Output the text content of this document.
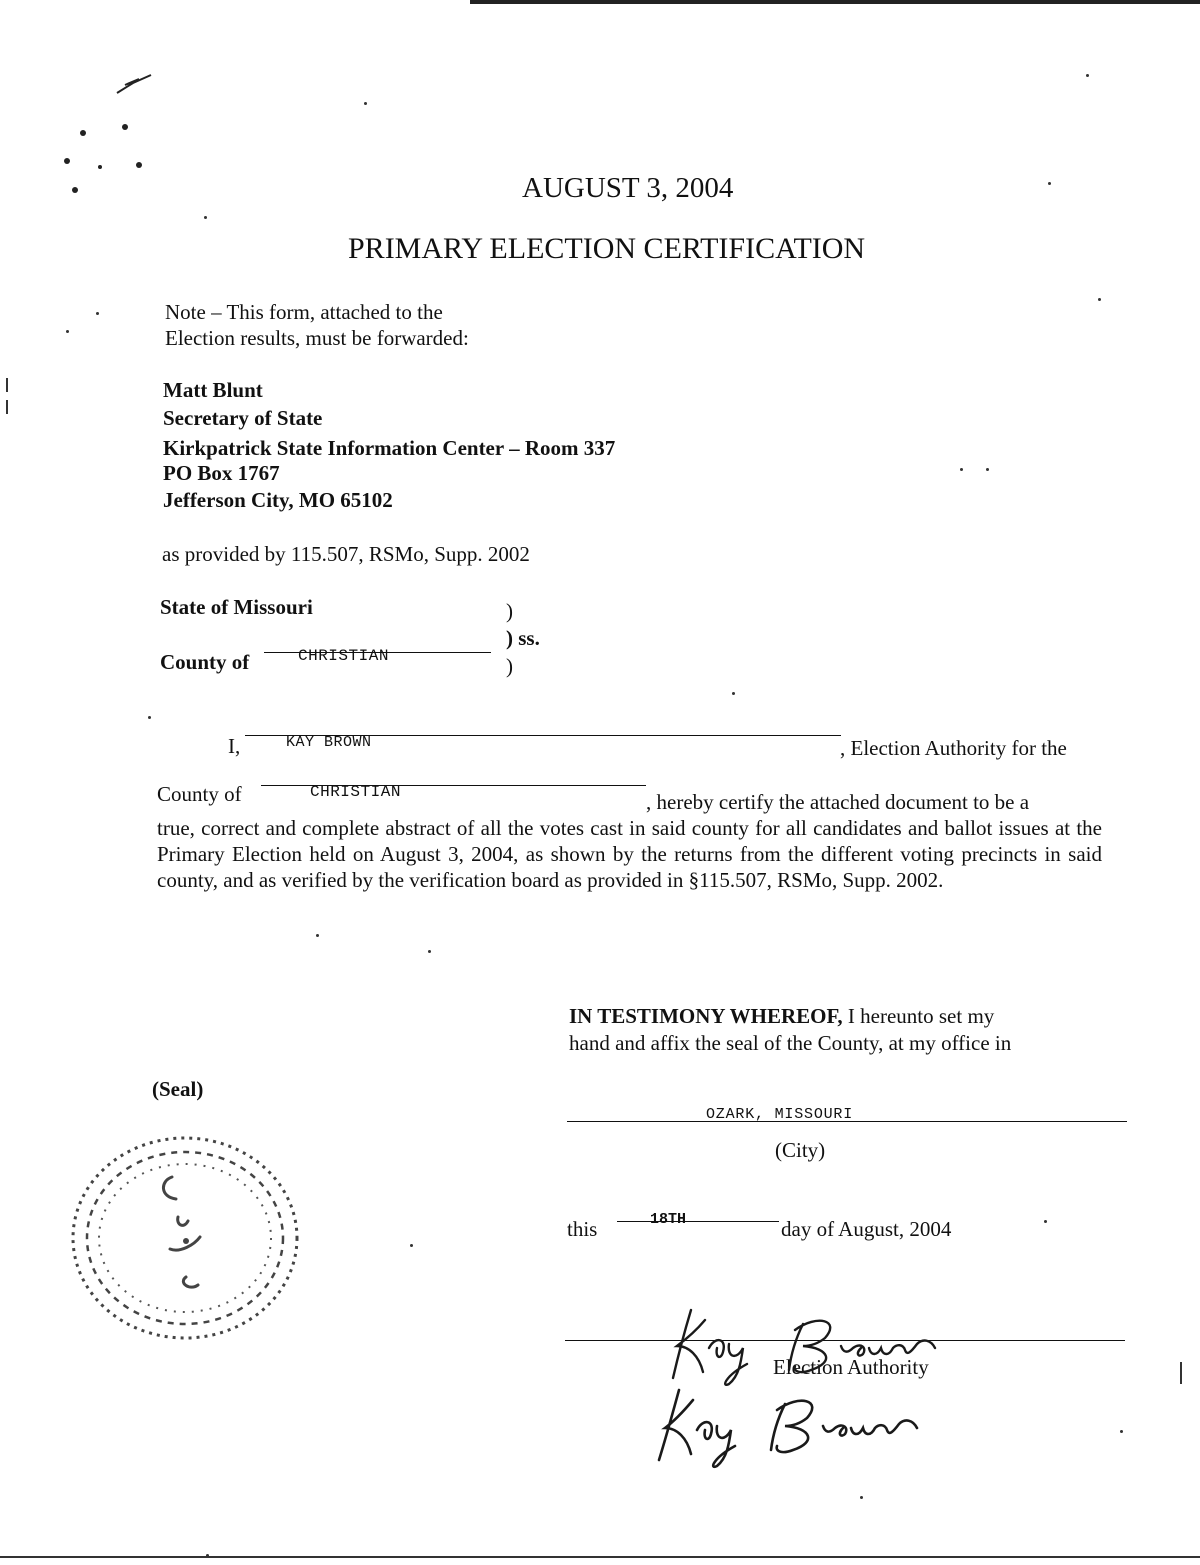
AUGUST 3, 2004
PRIMARY ELECTION CERTIFICATION
Note – This form, attached to the
Election results, must be forwarded:
Matt Blunt
Secretary of State
Kirkpatrick State Information Center – Room 337
PO Box 1767
Jefferson City, MO 65102
as provided by 115.507, RSMo, Supp. 2002
State of Missouri	)
) ss.
)
County of	CHRISTIAN
I,	KAY BROWN	, Election Authority for the
County of	CHRISTIAN	, hereby certify the attached document to be a
true, correct and complete abstract of all the votes cast in said county for all candidates and ballot issues at the Primary Election held on August 3, 2004, as shown by the returns from the different voting precincts in said county, and as verified by the verification board as provided in §115.507, RSMo, Supp. 2002.
IN TESTIMONY WHEREOF, I hereunto set my
hand and affix the seal of the County, at my office in
OZARK, MISSOURI
(City)
this	18TH	day of August, 2004
Election Authority
(Seal)
